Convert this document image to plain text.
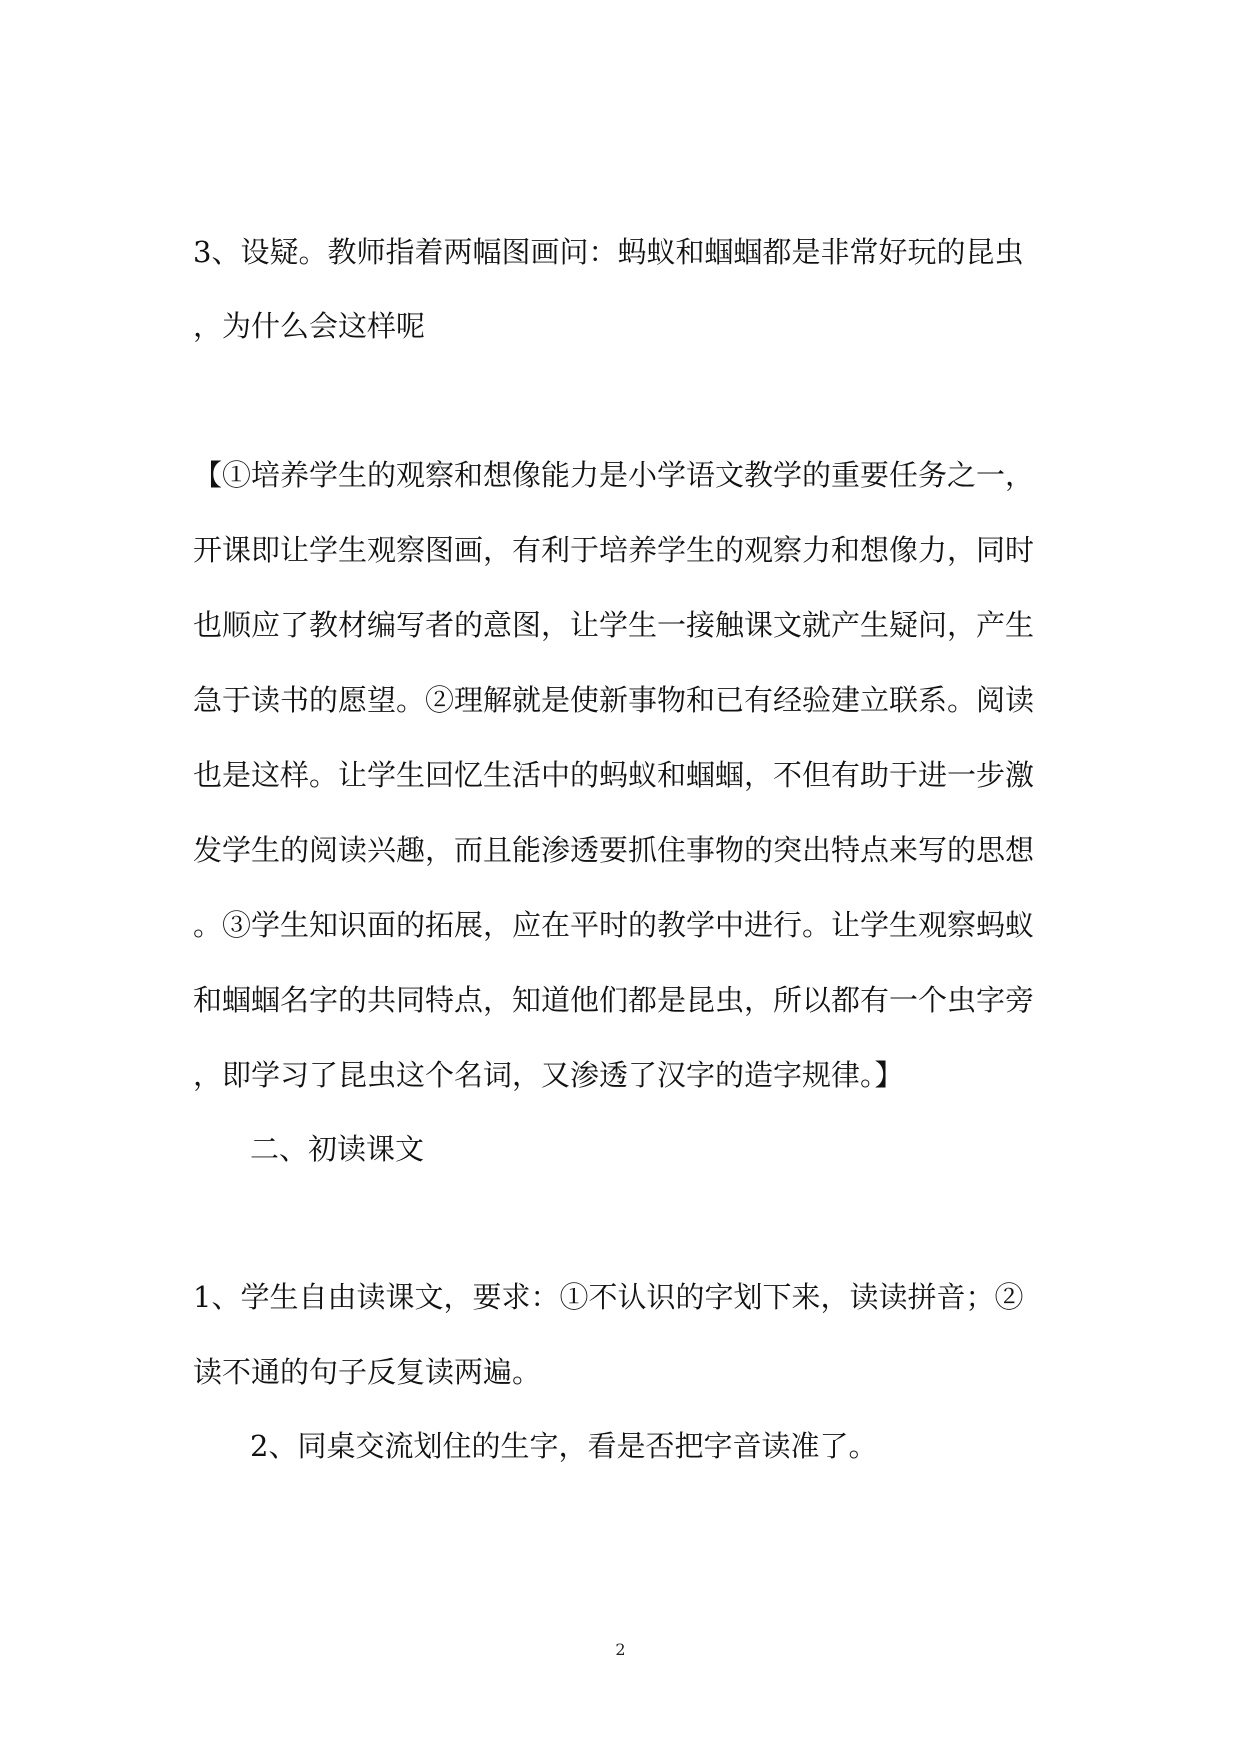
3、设疑。教师指着两幅图画问：蚂蚁和蝈蝈都是非常好玩的昆虫
，为什么会这样呢
【①培养学生的观察和想像能力是小学语文教学的重要任务之一，
开课即让学生观察图画，有利于培养学生的观察力和想像力，同时
也顺应了教材编写者的意图，让学生一接触课文就产生疑问，产生
急于读书的愿望。②理解就是使新事物和已有经验建立联系。阅读
也是这样。让学生回忆生活中的蚂蚁和蝈蝈，不但有助于进一步激
发学生的阅读兴趣，而且能渗透要抓住事物的突出特点来写的思想
。③学生知识面的拓展，应在平时的教学中进行。让学生观察蚂蚁
和蝈蝈名字的共同特点，知道他们都是昆虫，所以都有一个虫字旁
，即学习了昆虫这个名词，又渗透了汉字的造字规律。】
二、初读课文
1、学生自由读课文，要求：①不认识的字划下来，读读拼音；②
读不通的句子反复读两遍。
2、同桌交流划住的生字，看是否把字音读准了。
2
